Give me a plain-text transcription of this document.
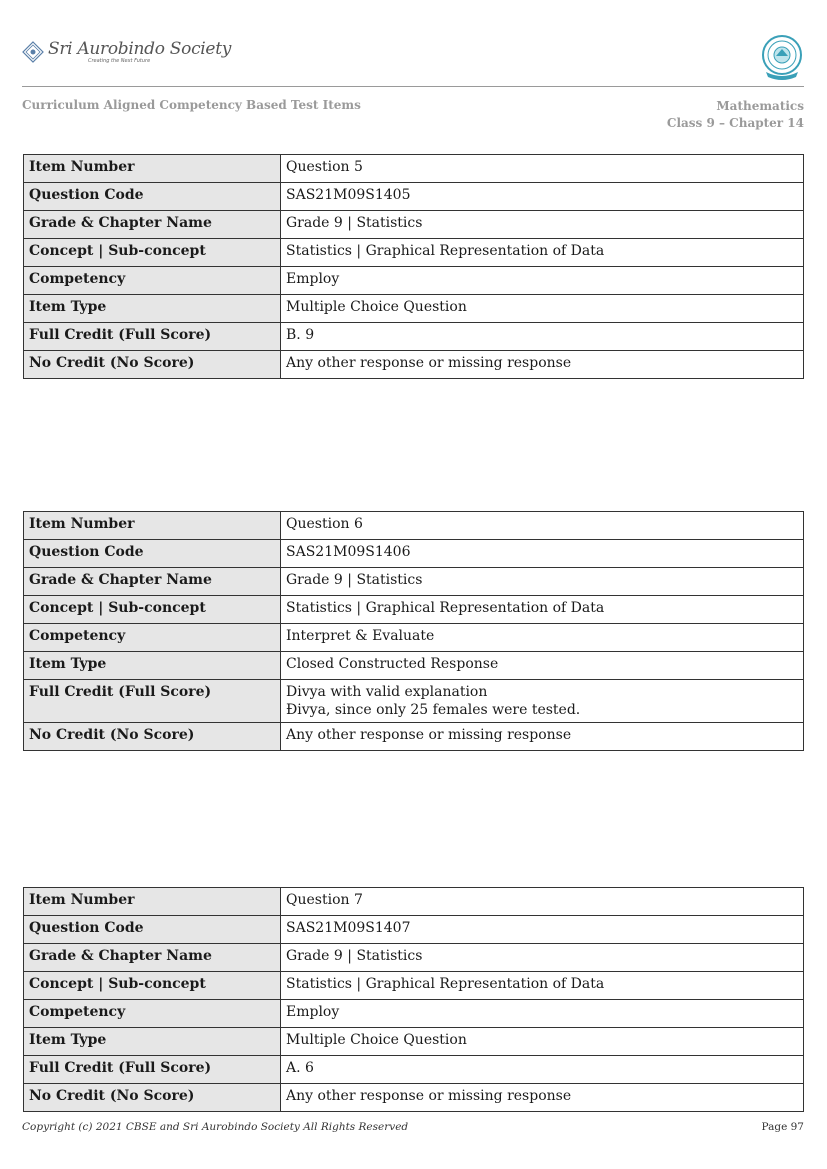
Sri Aurobindo Society
Creating the Next Future
Curriculum Aligned Competency Based Test Items	Mathematics
Class 9 – Chapter 14
Item Number	Question 5
Question Code	SAS21M09S1405
Grade & Chapter Name	Grade 9 | Statistics
Concept | Sub-concept	Statistics | Graphical Representation of Data
Competency	Employ
Item Type	Multiple Choice Question
Full Credit (Full Score)	B. 9
No Credit (No Score)	Any other response or missing response
Item Number	Question 6
Question Code	SAS21M09S1406
Grade & Chapter Name	Grade 9 | Statistics
Concept | Sub-concept	Statistics | Graphical Representation of Data
Competency	Interpret & Evaluate
Item Type	Closed Constructed Response
Full Credit (Full Score)	Divya with valid explanation
Đivya, since only 25 females were tested.

No Credit (No Score)	Any other response or missing response
Item Number	Question 7
Question Code	SAS21M09S1407
Grade & Chapter Name	Grade 9 | Statistics
Concept | Sub-concept	Statistics | Graphical Representation of Data
Competency	Employ
Item Type	Multiple Choice Question
Full Credit (Full Score)	A. 6
No Credit (No Score)	Any other response or missing response
Copyright (c) 2021 CBSE and Sri Aurobindo Society All Rights Reserved	Page 97
